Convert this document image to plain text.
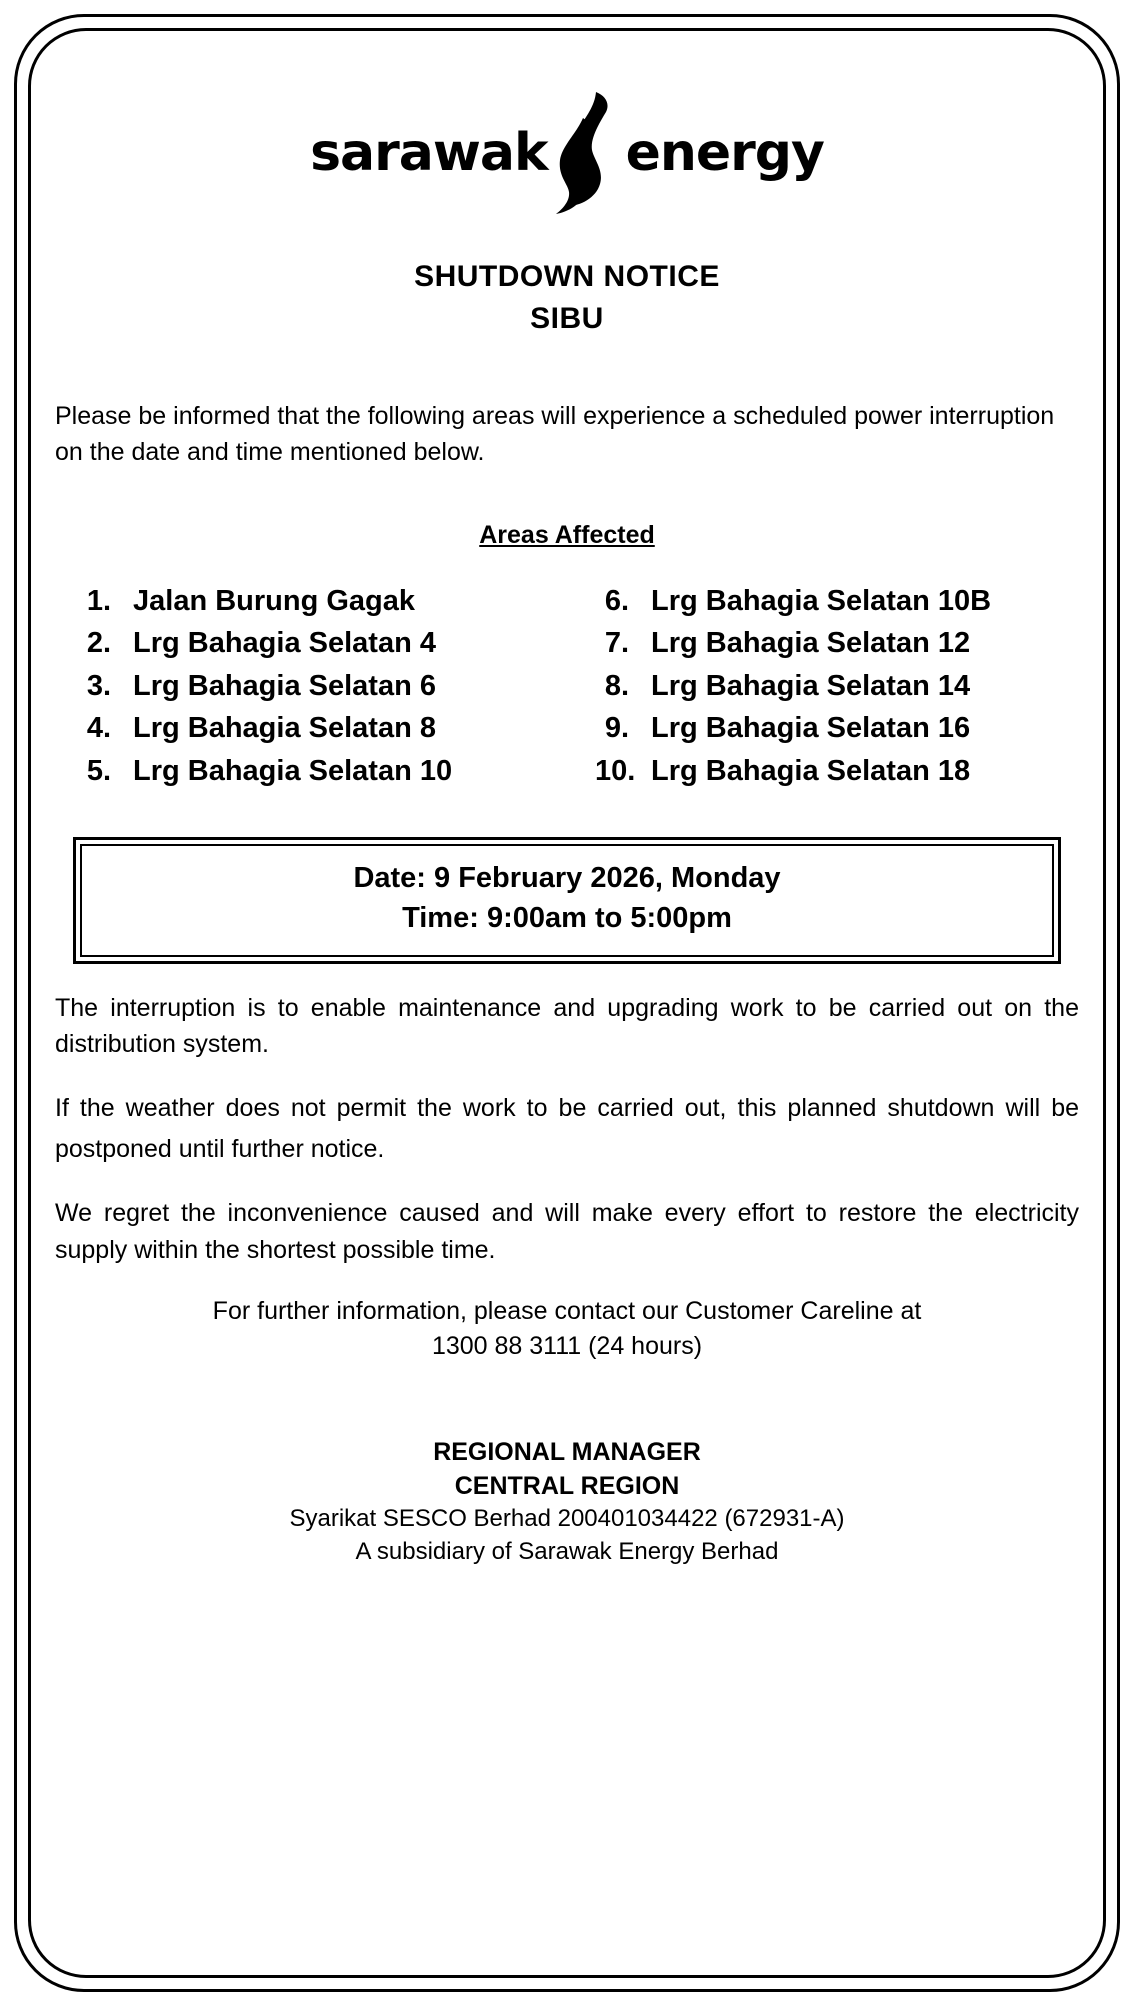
sarawak energy
SHUTDOWN NOTICE
SIBU
Please be informed that the following areas will experience a scheduled power interruption on the date and time mentioned below.
Areas Affected
1. Jalan Burung Gagak
2. Lrg Bahagia Selatan 4
3. Lrg Bahagia Selatan 6
4. Lrg Bahagia Selatan 8
5. Lrg Bahagia Selatan 10
6. Lrg Bahagia Selatan 10B
7. Lrg Bahagia Selatan 12
8. Lrg Bahagia Selatan 14
9. Lrg Bahagia Selatan 16
10. Lrg Bahagia Selatan 18
Date: 9 February 2026, Monday
Time: 9:00am to 5:00pm
The interruption is to enable maintenance and upgrading work to be carried out on the distribution system.
If the weather does not permit the work to be carried out, this planned shutdown will be postponed until further notice.
We regret the inconvenience caused and will make every effort to restore the electricity supply within the shortest possible time.
For further information, please contact our Customer Careline at
1300 88 3111 (24 hours)
REGIONAL MANAGER
CENTRAL REGION
Syarikat SESCO Berhad 200401034422 (672931-A)
A subsidiary of Sarawak Energy Berhad
